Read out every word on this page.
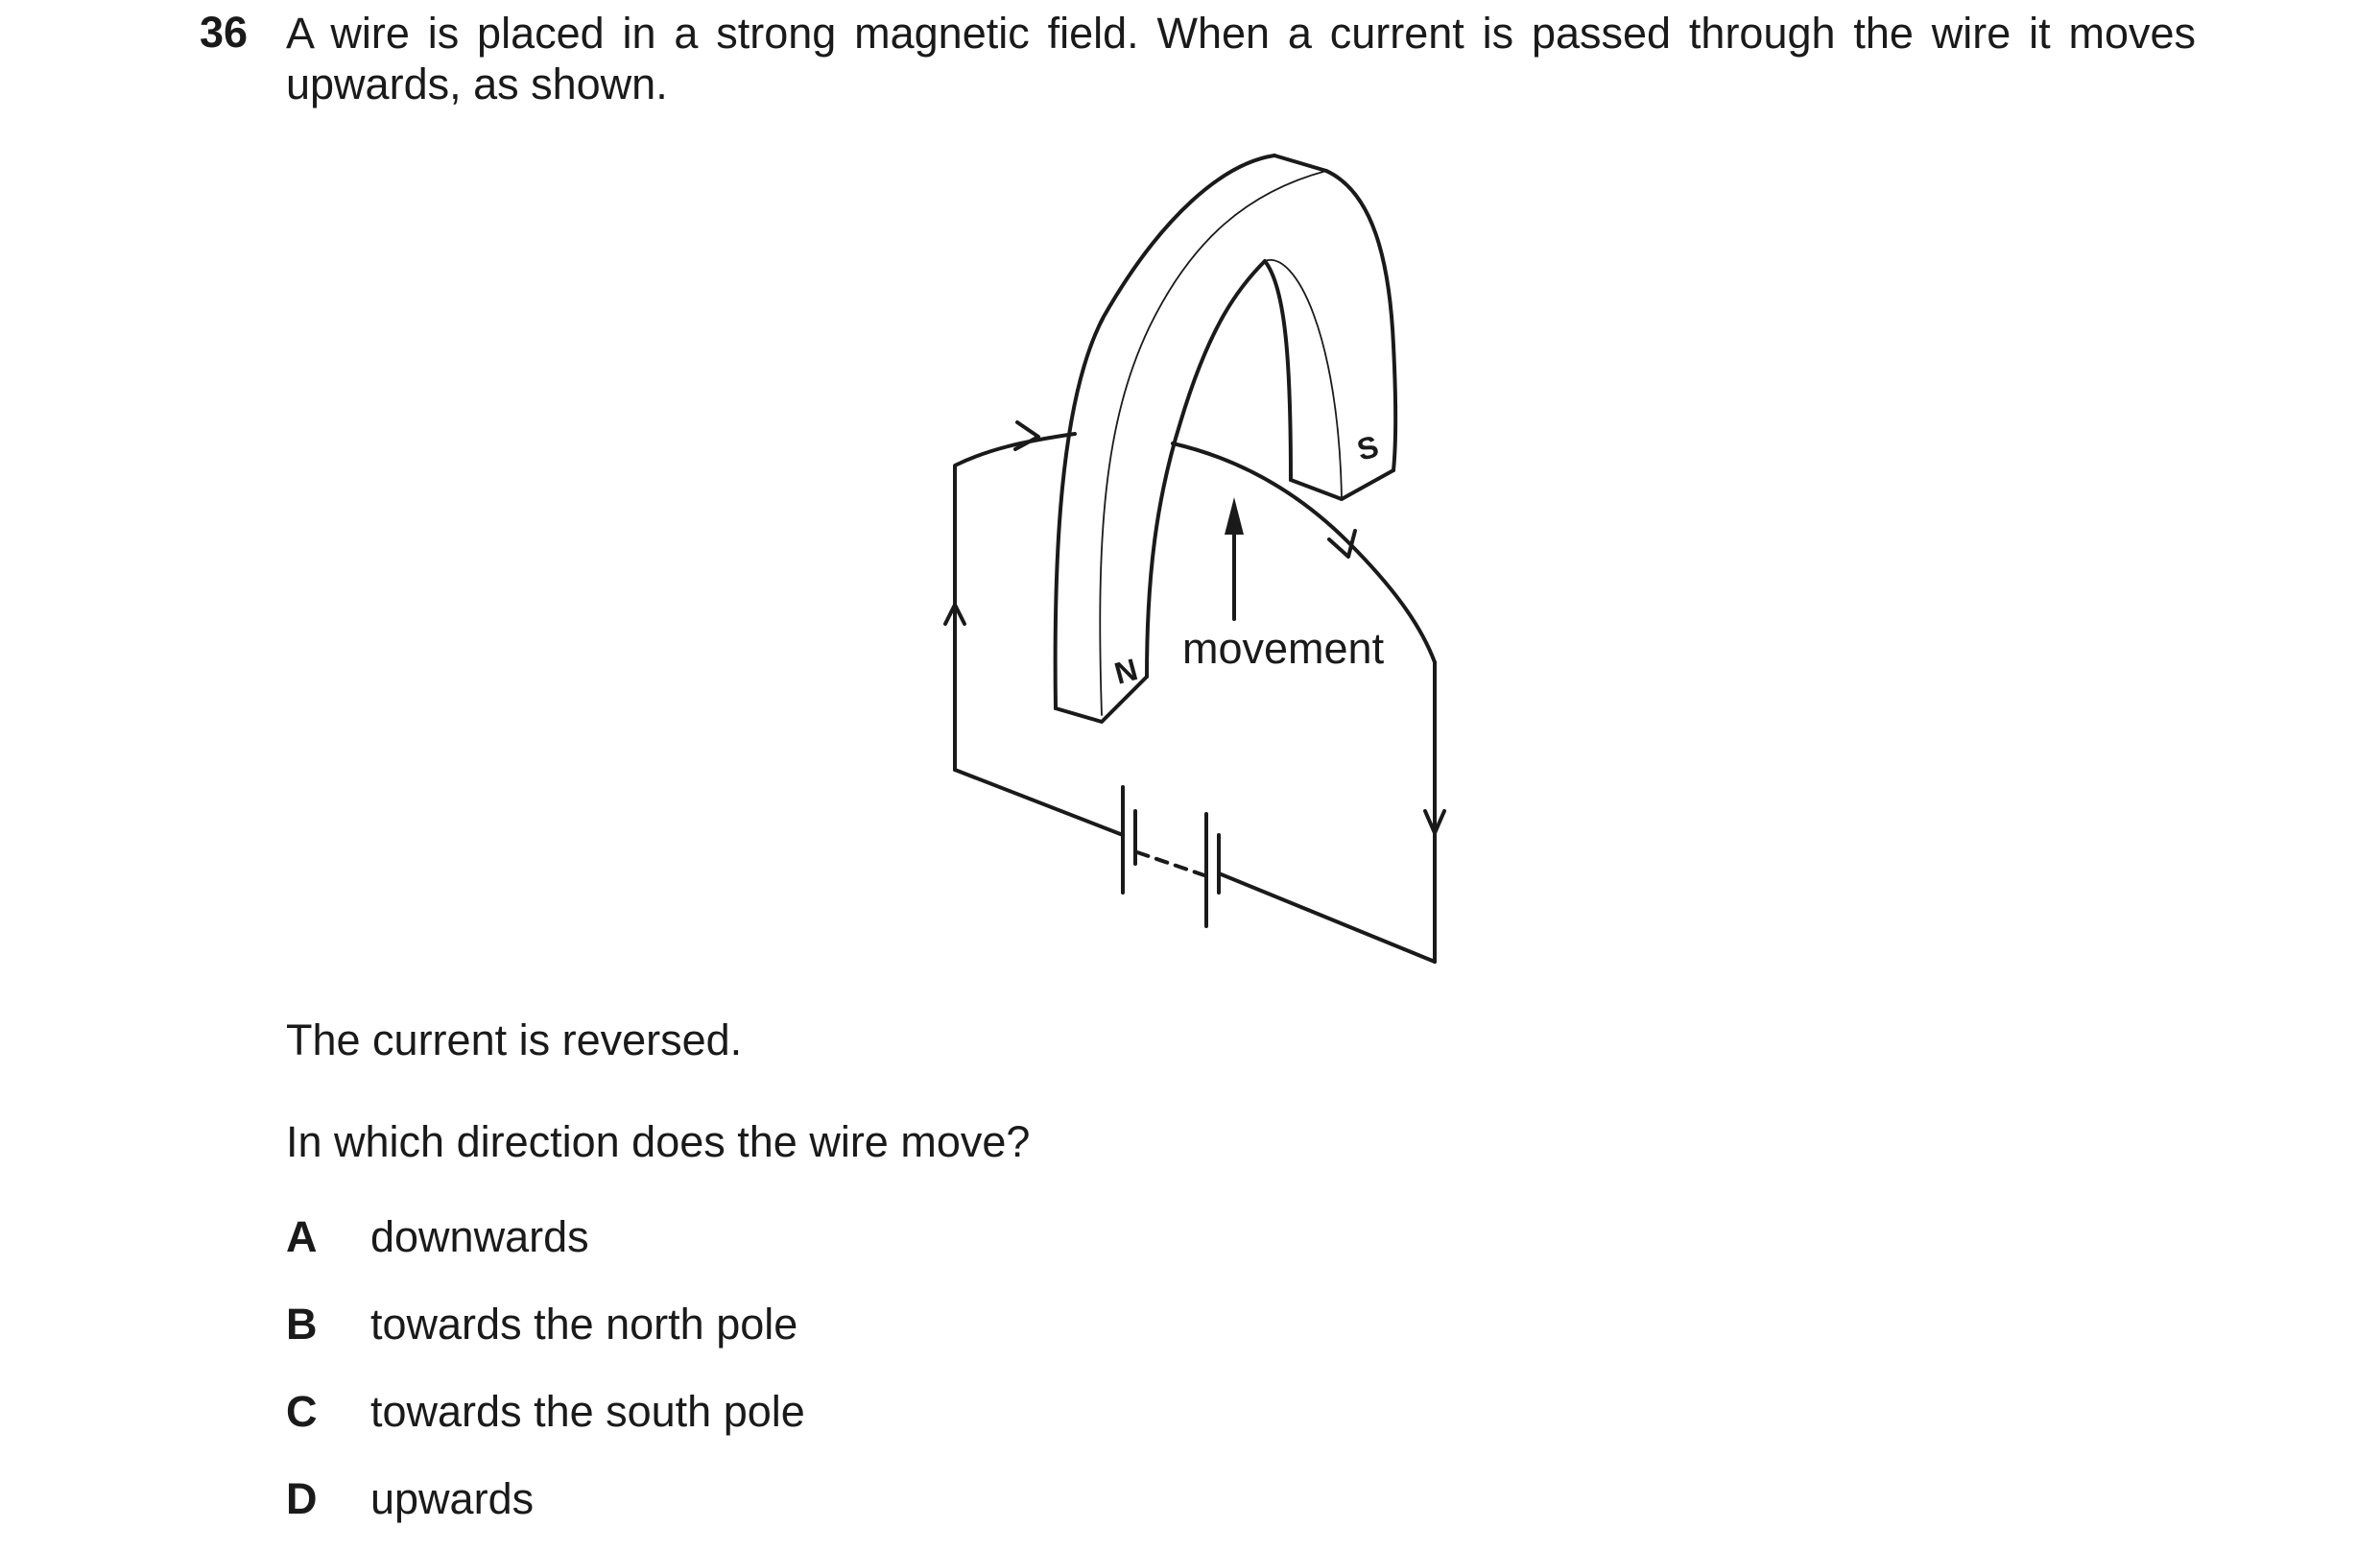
36 A wire is placed in a strong magnetic field. When a current is passed through the wire it moves
upwards, as shown.
movement
N
S
The current is reversed.
In which direction does the wire move?
A downwards
B towards the north pole
C towards the south pole
D upwards
